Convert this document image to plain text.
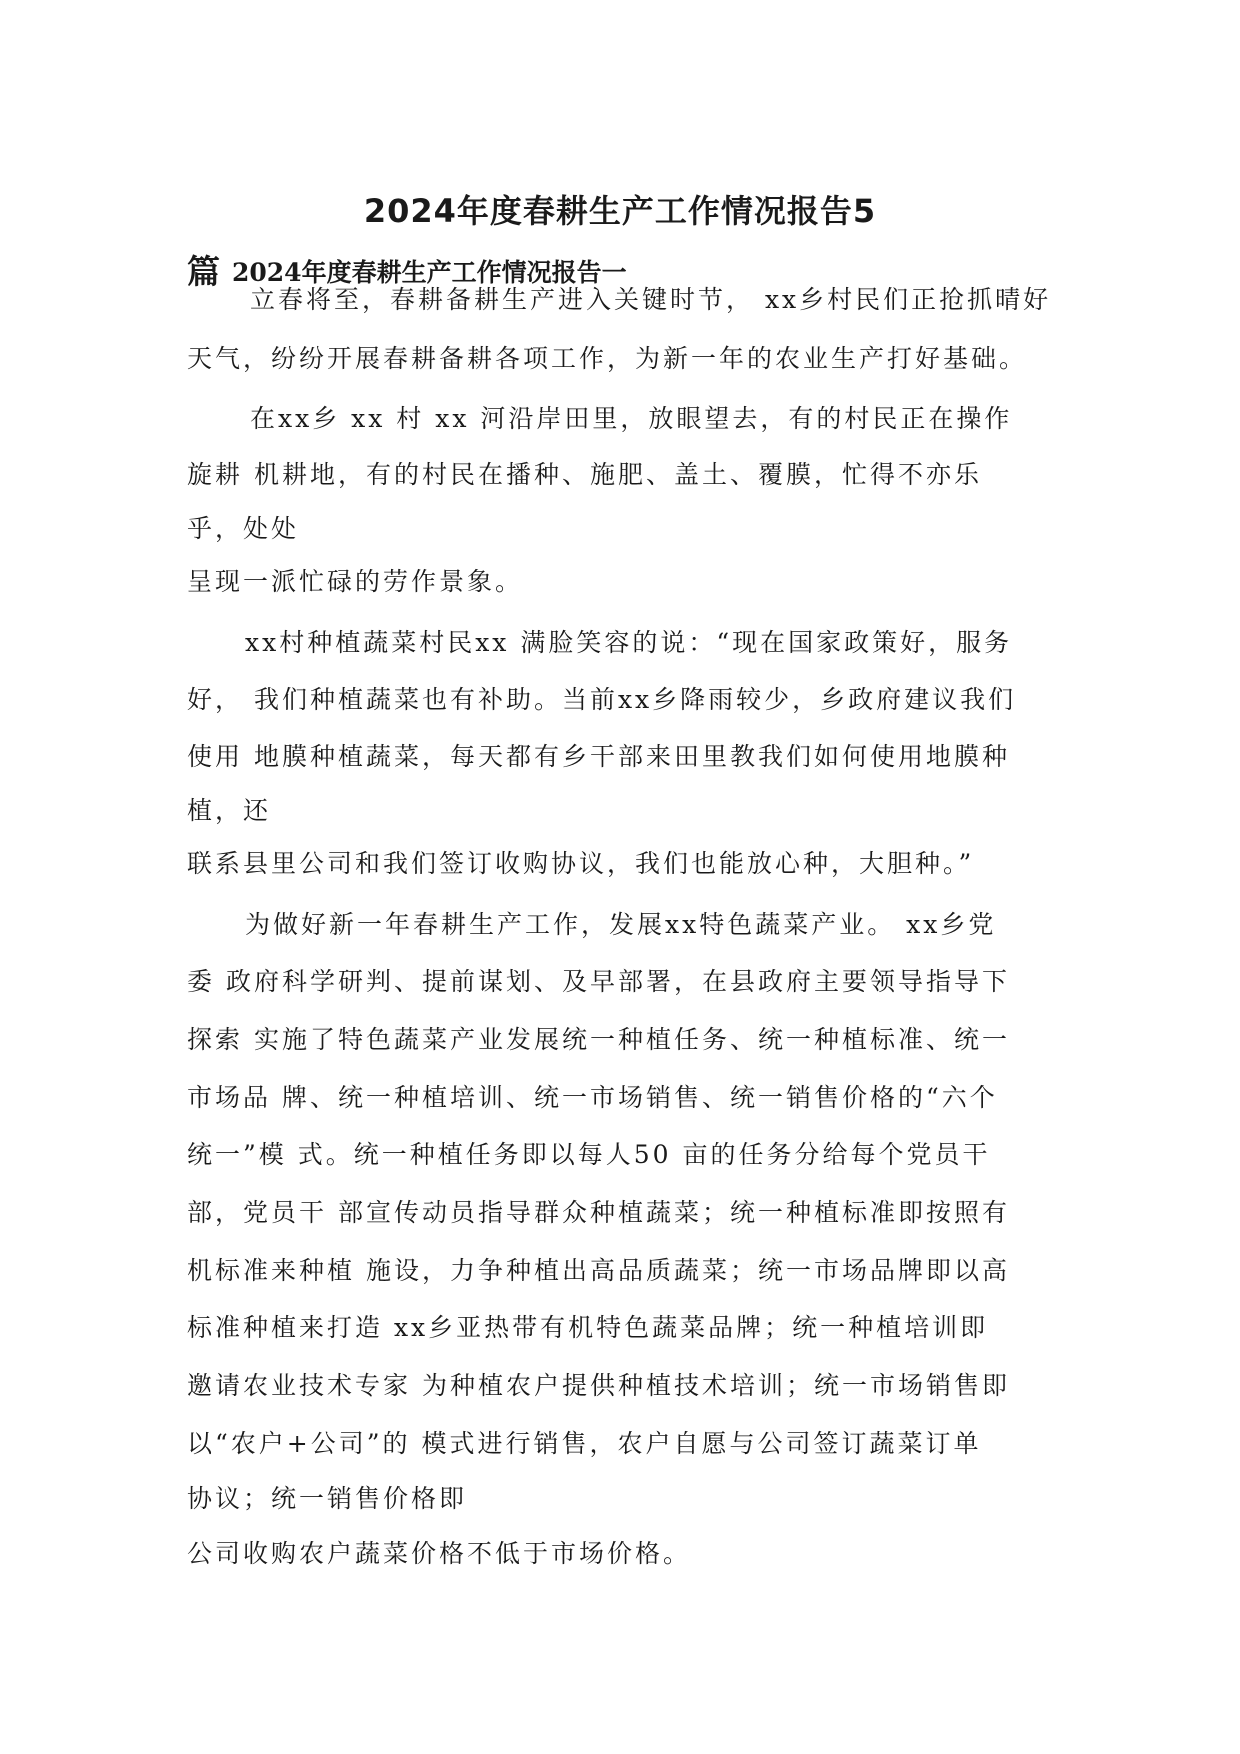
2024年度春耕生产工作情况报告5
篇 2024年度春耕生产工作情况报告一
立春将至，春耕备耕生产进入关键时节， xx乡村民们正抢抓晴好
天气，纷纷开展春耕备耕各项工作，为新一年的农业生产打好基础。
在xx乡 xx 村 xx 河沿岸田里，放眼望去，有的村民正在操作
旋耕 机耕地，有的村民在播种、施肥、盖土、覆膜，忙得不亦乐
乎，处处
呈现一派忙碌的劳作景象。
xx村种植蔬菜村民xx 满脸笑容的说：“现在国家政策好，服务
好， 我们种植蔬菜也有补助。当前xx乡降雨较少，乡政府建议我们
使用 地膜种植蔬菜，每天都有乡干部来田里教我们如何使用地膜种
植，还
联系县里公司和我们签订收购协议，我们也能放心种，大胆种。”
为做好新一年春耕生产工作，发展xx特色蔬菜产业。 xx乡党
委 政府科学研判、提前谋划、及早部署，在县政府主要领导指导下
探索 实施了特色蔬菜产业发展统一种植任务、统一种植标准、统一
市场品 牌、统一种植培训、统一市场销售、统一销售价格的“六个
统一”模 式。统一种植任务即以每人50 亩的任务分给每个党员干
部，党员干 部宣传动员指导群众种植蔬菜；统一种植标准即按照有
机标准来种植 施设，力争种植出高品质蔬菜；统一市场品牌即以高
标准种植来打造 xx乡亚热带有机特色蔬菜品牌；统一种植培训即
邀请农业技术专家 为种植农户提供种植技术培训；统一市场销售即
以“农户+公司”的 模式进行销售，农户自愿与公司签订蔬菜订单
协议；统一销售价格即
公司收购农户蔬菜价格不低于市场价格。
